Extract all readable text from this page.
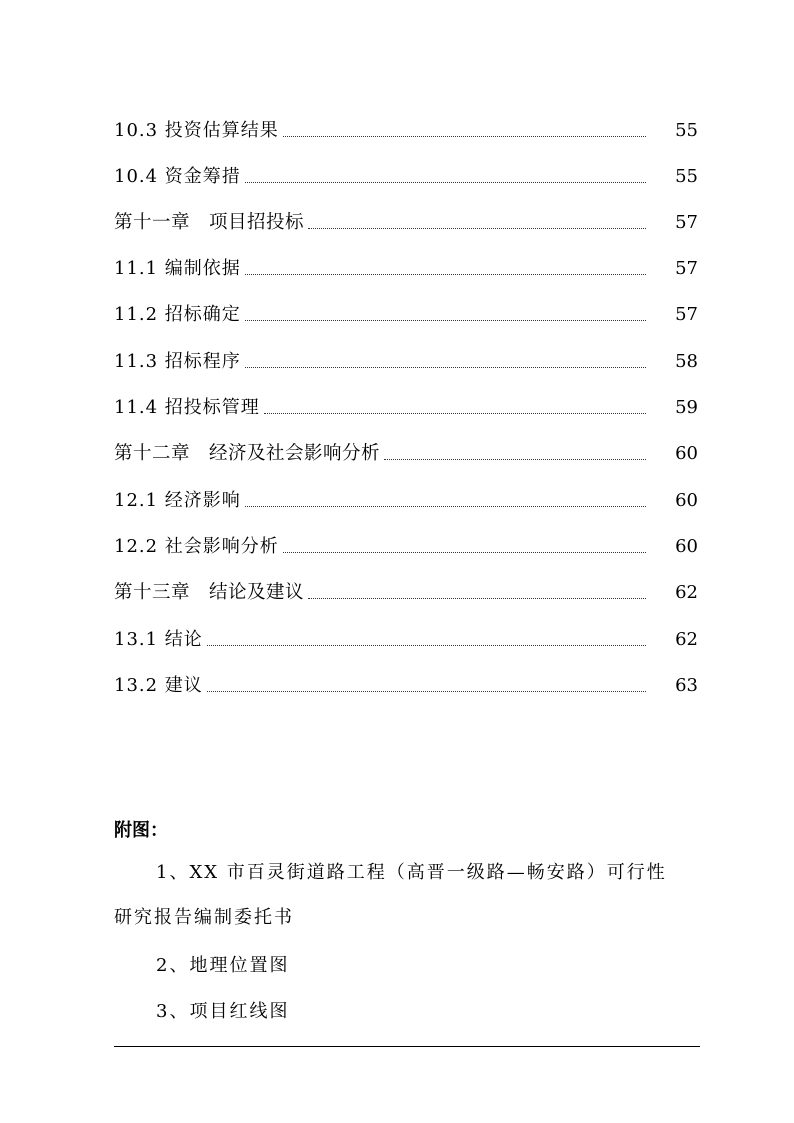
10.3 投资估算结果	55
10.4 资金筹措	55
第十一章　项目招投标	57
11.1 编制依据	57
11.2 招标确定	57
11.3 招标程序	58
11.4 招投标管理	59
第十二章　经济及社会影响分析	60
12.1 经济影响	60
12.2 社会影响分析	60
第十三章　结论及建议	62
13.1 结论	62
13.2 建议	63
附图：
1、XX 市百灵街道路工程（高晋一级路—畅安路）可行性
研究报告编制委托书
2、地理位置图
3、项目红线图
